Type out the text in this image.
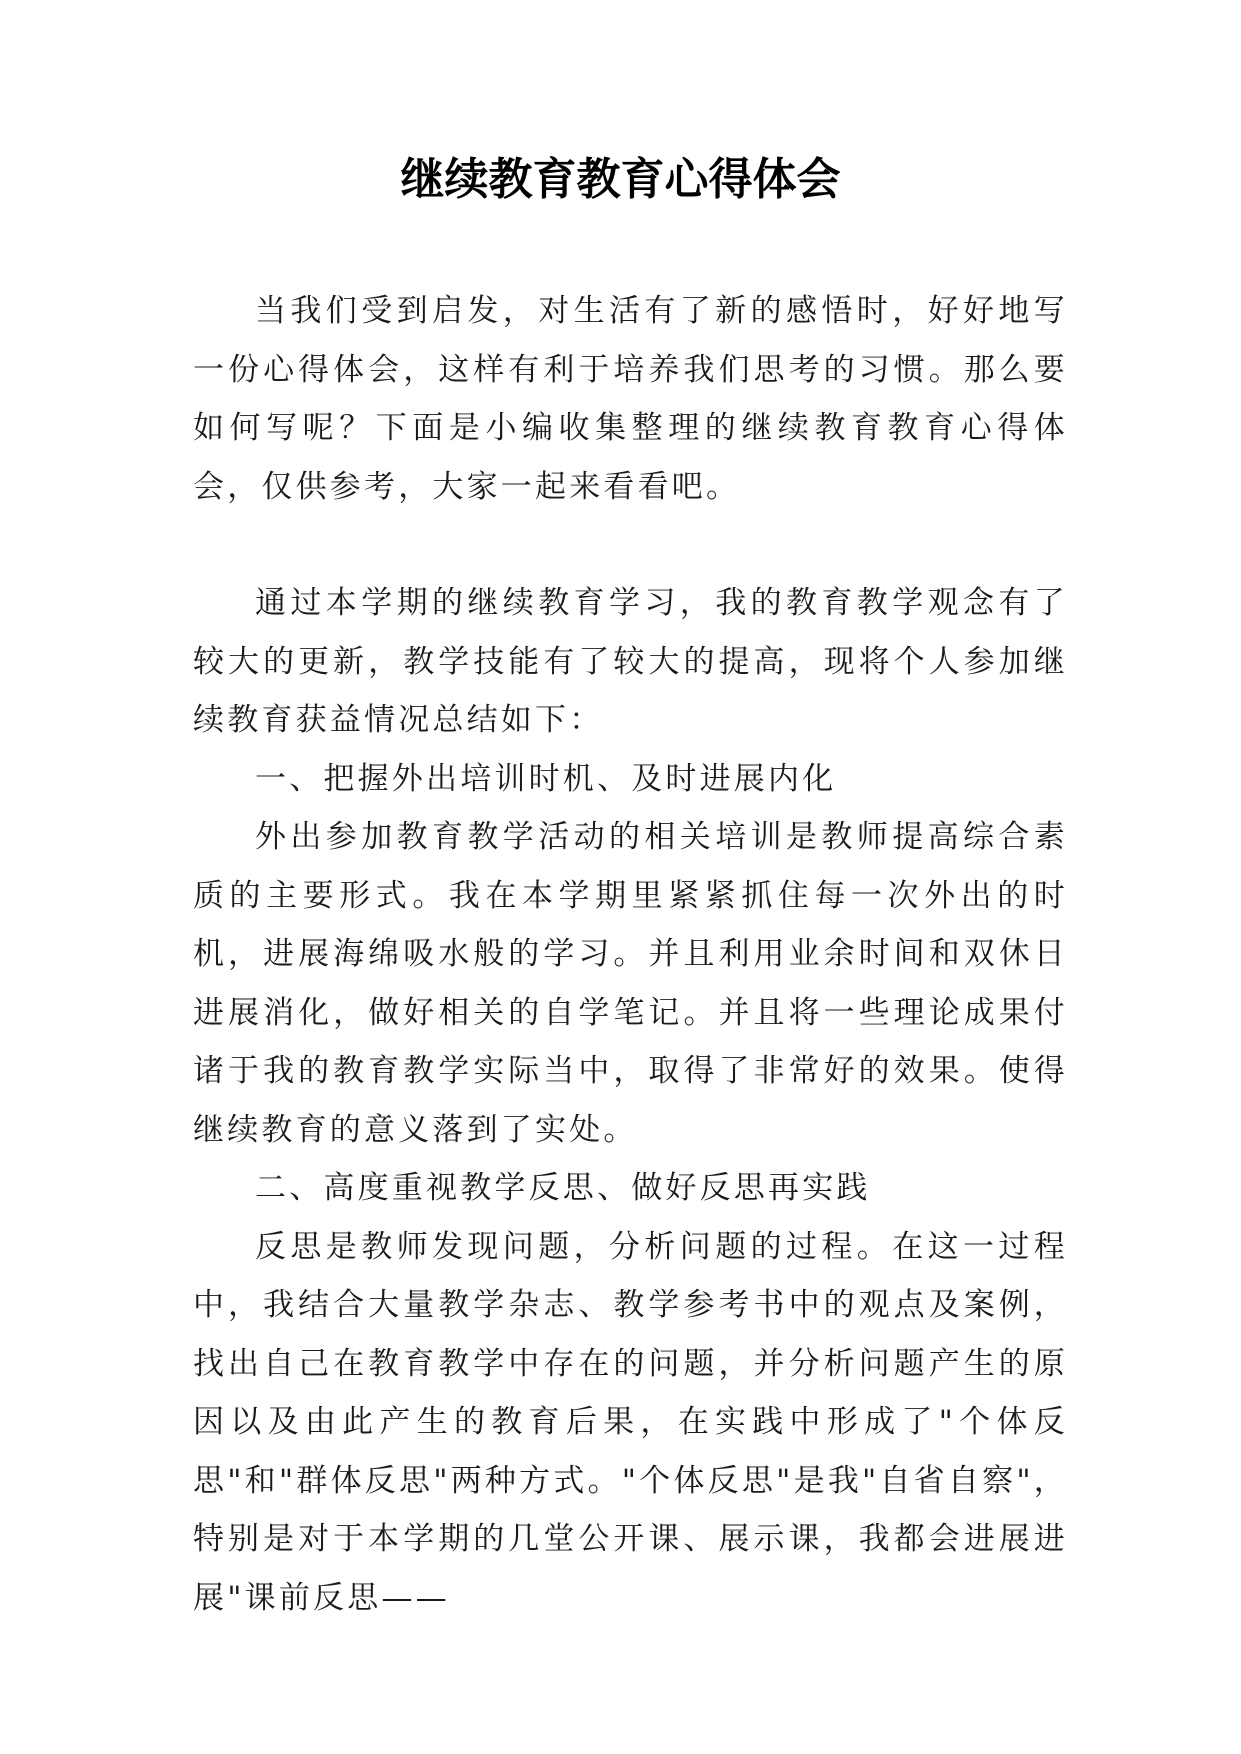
继续教育教育心得体会

当我们受到启发，对生活有了新的感悟时，好好地写一份心得体会，这样有利于培养我们思考的习惯。那么要如何写呢？下面是小编收集整理的继续教育教育心得体会，仅供参考，大家一起来看看吧。

通过本学期的继续教育学习，我的教育教学观念有了较大的更新，教学技能有了较大的提高，现将个人参加继续教育获益情况总结如下：

一、把握外出培训时机、及时进展内化

外出参加教育教学活动的相关培训是教师提高综合素质的主要形式。我在本学期里紧紧抓住每一次外出的时机，进展海绵吸水般的学习。并且利用业余时间和双休日进展消化，做好相关的自学笔记。并且将一些理论成果付诸于我的教育教学实际当中，取得了非常好的效果。使得继续教育的意义落到了实处。

二、高度重视教学反思、做好反思再实践

反思是教师发现问题，分析问题的过程。在这一过程中，我结合大量教学杂志、教学参考书中的观点及案例，找出自己在教育教学中存在的问题，并分析问题产生的原因以及由此产生的教育后果，在实践中形成了"个体反思"和"群体反思"两种方式。"个体反思"是我"自省自察"，特别是对于本学期的几堂公开课、展示课，我都会进展进展"课前反思——
